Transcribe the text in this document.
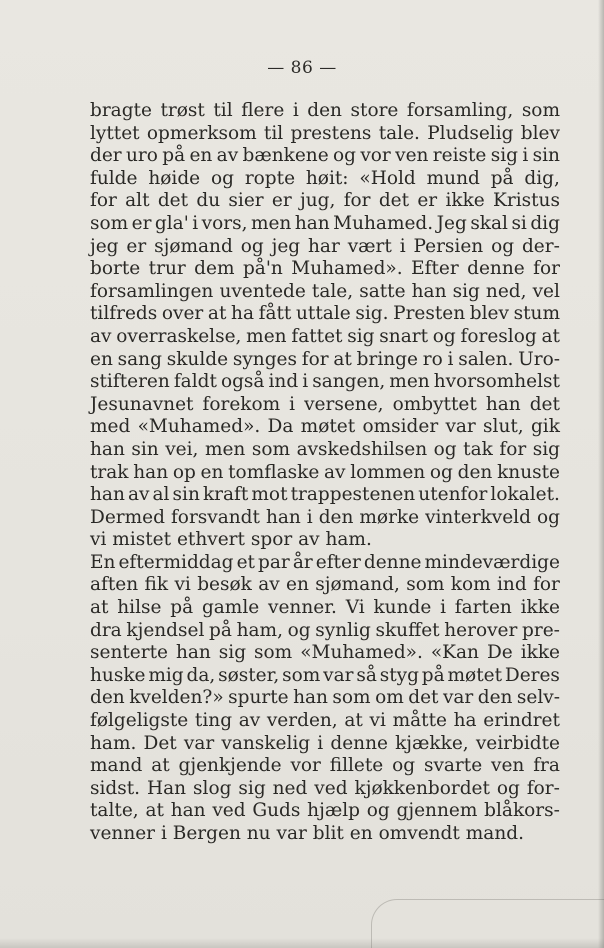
— 86 —
bragte trøst til flere i den store forsamling, som
lyttet opmerksom til prestens tale. Pludselig blev
der uro på en av bænkene og vor ven reiste sig i sin
fulde høide og ropte høit: «Hold mund på dig,
for alt det du sier er jug, for det er ikke Kristus
som er gla' i vors, men han Muhamed. Jeg skal si dig
jeg er sjømand og jeg har vært i Persien og der-
borte trur dem på'n Muhamed». Efter denne for
forsamlingen uventede tale, satte han sig ned, vel
tilfreds over at ha fått uttale sig. Presten blev stum
av overraskelse, men fattet sig snart og foreslog at
en sang skulde synges for at bringe ro i salen. Uro-
stifteren faldt også ind i sangen, men hvorsomhelst
Jesunavnet forekom i versene, ombyttet han det
med «Muhamed». Da møtet omsider var slut, gik
han sin vei, men som avskedshilsen og tak for sig
trak han op en tomflaske av lommen og den knuste
han av al sin kraft mot trappestenen utenfor lokalet.
Dermed forsvandt han i den mørke vinterkveld og
vi mistet ethvert spor av ham.
En eftermiddag et par år efter denne mindeværdige
aften fik vi besøk av en sjømand, som kom ind for
at hilse på gamle venner. Vi kunde i farten ikke
dra kjendsel på ham, og synlig skuffet herover pre-
senterte han sig som «Muhamed». «Kan De ikke
huske mig da, søster, som var så styg på møtet Deres
den kvelden?» spurte han som om det var den selv-
følgeligste ting av verden, at vi måtte ha erindret
ham. Det var vanskelig i denne kjække, veirbidte
mand at gjenkjende vor fillete og svarte ven fra
sidst. Han slog sig ned ved kjøkkenbordet og for-
talte, at han ved Guds hjælp og gjennem blåkors-
venner i Bergen nu var blit en omvendt mand.
